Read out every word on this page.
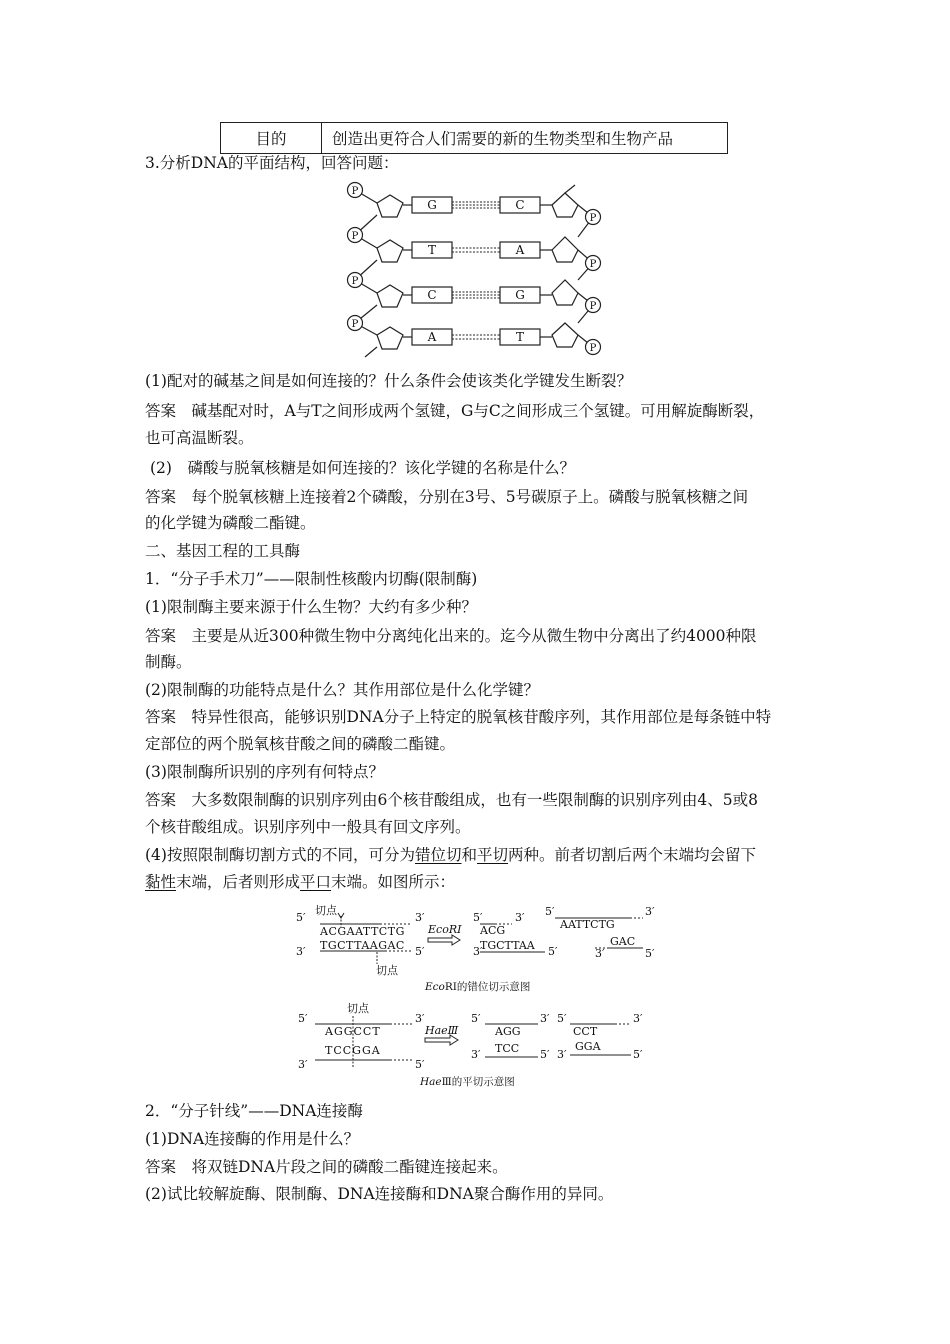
目的	创造出更符合人们需要的新的生物类型和生物产品
3.分析DNA的平面结构，回答问题：
P
P
P
P
P
P
P
P
G	C
T	A
C	G
A	T
(1)配对的碱基之间是如何连接的？什么条件会使该类化学键发生断裂？
答案　碱基配对时，A与T之间形成两个氢键，G与C之间形成三个氢键。可用解旋酶断裂，
也可高温断裂。
(2)　磷酸与脱氧核糖是如何连接的？该化学键的名称是什么？
答案　每个脱氧核糖上连接着2个磷酸，分别在3号、5号碳原子上。磷酸与脱氧核糖之间
的化学键为磷酸二酯键。
二、基因工程的工具酶
1．“分子手术刀”——限制性核酸内切酶(限制酶)
(1)限制酶主要来源于什么生物？大约有多少种？
答案　主要是从近300种微生物中分离纯化出来的。迄今从微生物中分离出了约4000种限
制酶。
(2)限制酶的功能特点是什么？其作用部位是什么化学键？
答案　特异性很高，能够识别DNA分子上特定的脱氧核苷酸序列，其作用部位是每条链中特
定部位的两个脱氧核苷酸之间的磷酸二酯键。
(3)限制酶所识别的序列有何特点？
答案　大多数限制酶的识别序列由6个核苷酸组成，也有一些限制酶的识别序列由4、5或8
个核苷酸组成。识别序列中一般具有回文序列。
(4)按照限制酶切割方式的不同，可分为错位切和平切两种。前者切割后两个末端均会留下
黏性末端，后者则形成平口末端。如图所示：
切点
5′	3′
ACGAATTCTG
TGCTTAAGAC
3′	5′
切点
EcoRⅠ
5′
ACG
3′
3′
TGCTTAA 5′
5′
AATTCTG
3′
GAC
3′	5′
EcoRⅠ的错位切示意图
切点
5′	3′
AGGCCT
TCCGGA
3′	5′
HaeⅢ
5′
AGG
3′ 5′
CCT
3′
3′ TCC 5′ 3′
GGA
5′
HaeⅢ的平切示意图
2．“分子针线”——DNA连接酶
(1)DNA连接酶的作用是什么？
答案　将双链DNA片段之间的磷酸二酯键连接起来。
(2)试比较解旋酶、限制酶、DNA连接酶和DNA聚合酶作用的异同。
